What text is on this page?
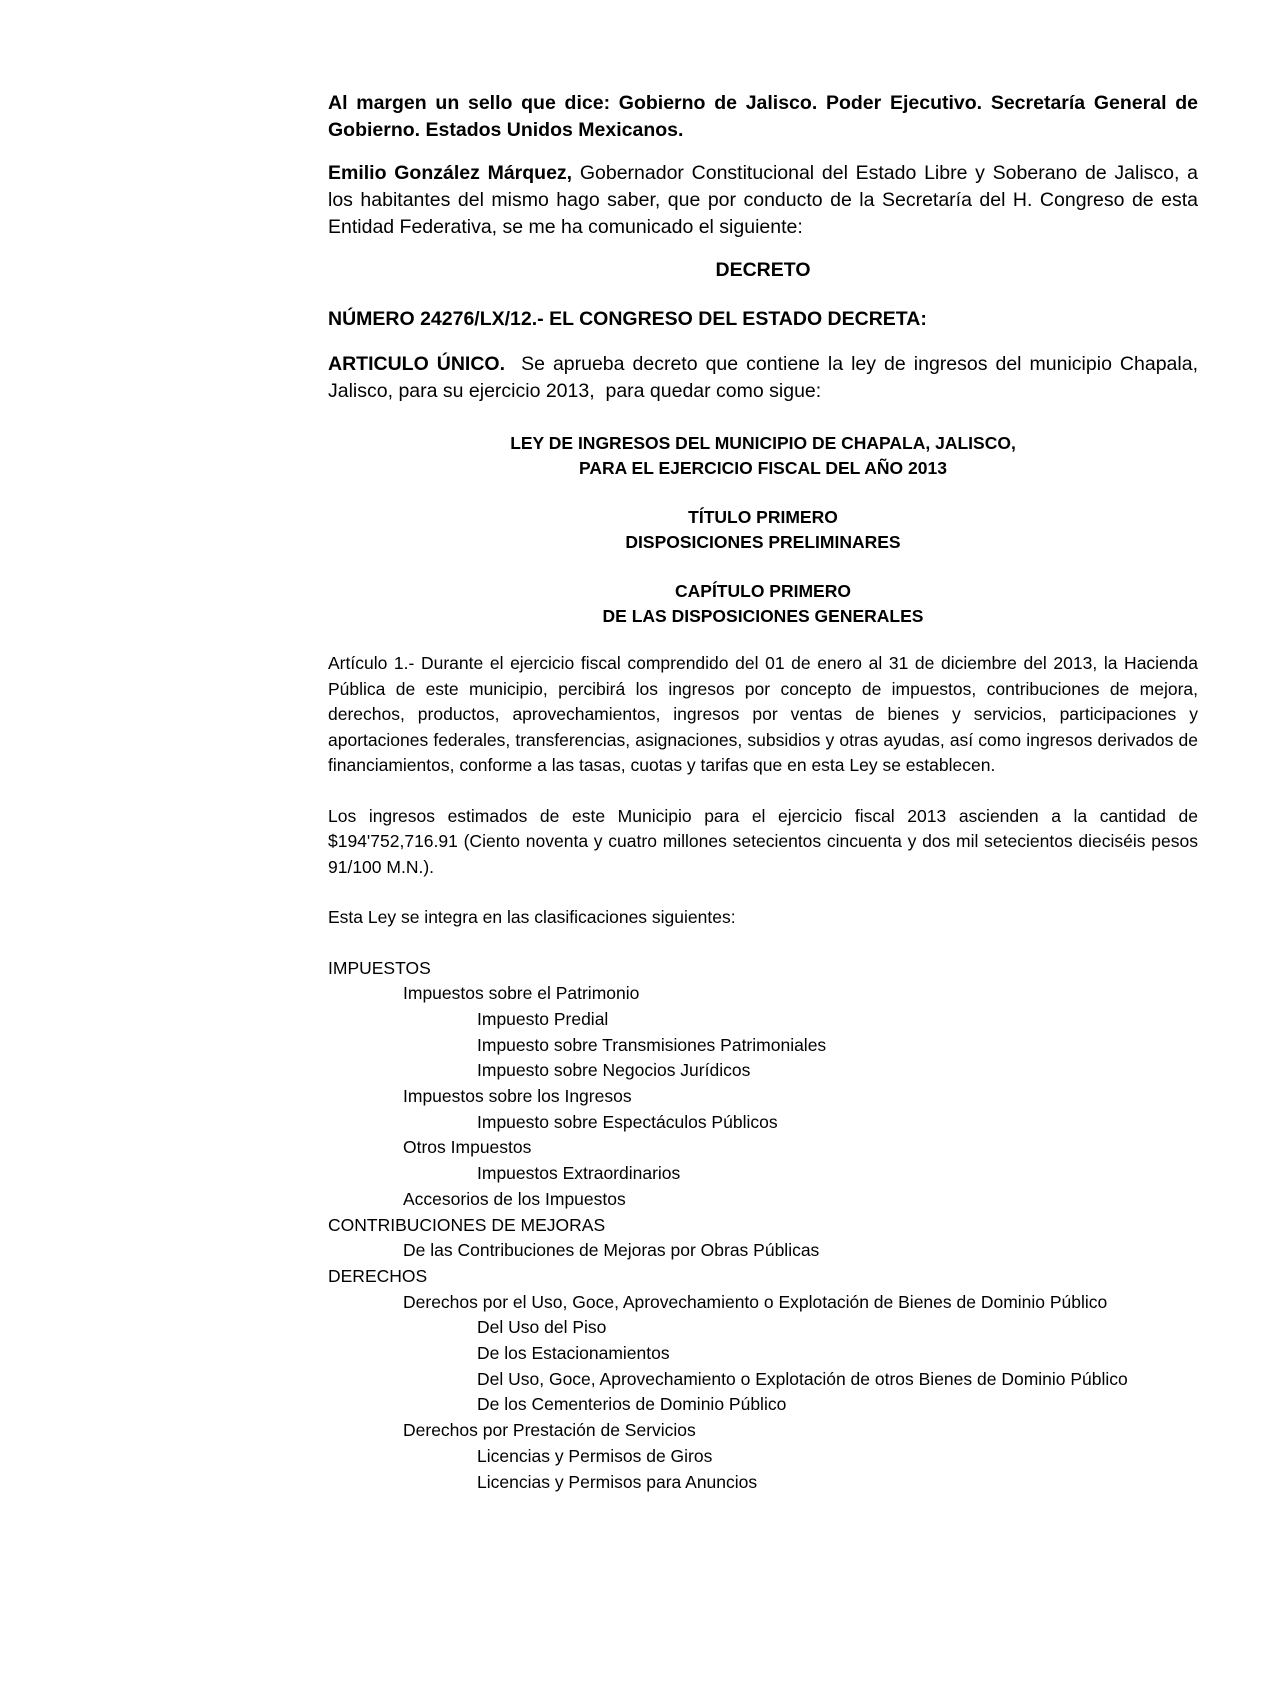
Al margen un sello que dice: Gobierno de Jalisco. Poder Ejecutivo. Secretaría General de Gobierno. Estados Unidos Mexicanos.

Emilio González Márquez, Gobernador Constitucional del Estado Libre y Soberano de Jalisco, a los habitantes del mismo hago saber, que por conducto de la Secretaría del H. Congreso de esta Entidad Federativa, se me ha comunicado el siguiente:

DECRETO

NÚMERO 24276/LX/12.- EL CONGRESO DEL ESTADO DECRETA:

ARTICULO ÚNICO.  Se aprueba decreto que contiene la ley de ingresos del municipio Chapala,  Jalisco, para su ejercicio 2013,  para quedar como sigue:

LEY DE INGRESOS DEL MUNICIPIO DE CHAPALA, JALISCO,
PARA EL EJERCICIO FISCAL DEL AÑO 2013
TÍTULO PRIMERO
DISPOSICIONES PRELIMINARES
CAPÍTULO PRIMERO
DE LAS DISPOSICIONES GENERALES

Artículo 1.- Durante el ejercicio fiscal comprendido del 01 de enero al 31 de diciembre del 2013, la Hacienda Pública de este municipio, percibirá los ingresos por concepto de impuestos, contribuciones de mejora, derechos, productos, aprovechamientos, ingresos por ventas de bienes y servicios, participaciones y aportaciones federales, transferencias, asignaciones, subsidios y otras ayudas, así como ingresos derivados de financiamientos, conforme a las tasas, cuotas y tarifas que en esta Ley se establecen.

Los ingresos estimados de este Municipio para el ejercicio fiscal 2013 ascienden a la cantidad de $194'752,716.91 (Ciento noventa y cuatro millones setecientos cincuenta y dos mil setecientos dieciséis pesos 91/100 M.N.).

Esta Ley se integra en las clasificaciones siguientes:

IMPUESTOS
Impuestos sobre el Patrimonio
Impuesto Predial
Impuesto sobre Transmisiones Patrimoniales
Impuesto sobre Negocios Jurídicos
Impuestos sobre los Ingresos
Impuesto sobre Espectáculos Públicos
Otros Impuestos
Impuestos Extraordinarios
Accesorios de los Impuestos
CONTRIBUCIONES DE MEJORAS
De las Contribuciones de Mejoras por Obras Públicas
DERECHOS
Derechos por el Uso, Goce, Aprovechamiento o Explotación de Bienes de Dominio Público
Del Uso del Piso
De los Estacionamientos
Del Uso, Goce, Aprovechamiento o Explotación de otros Bienes de Dominio Público
De los Cementerios de Dominio Público
Derechos por Prestación de Servicios
Licencias y Permisos de Giros
Licencias y Permisos para Anuncios
